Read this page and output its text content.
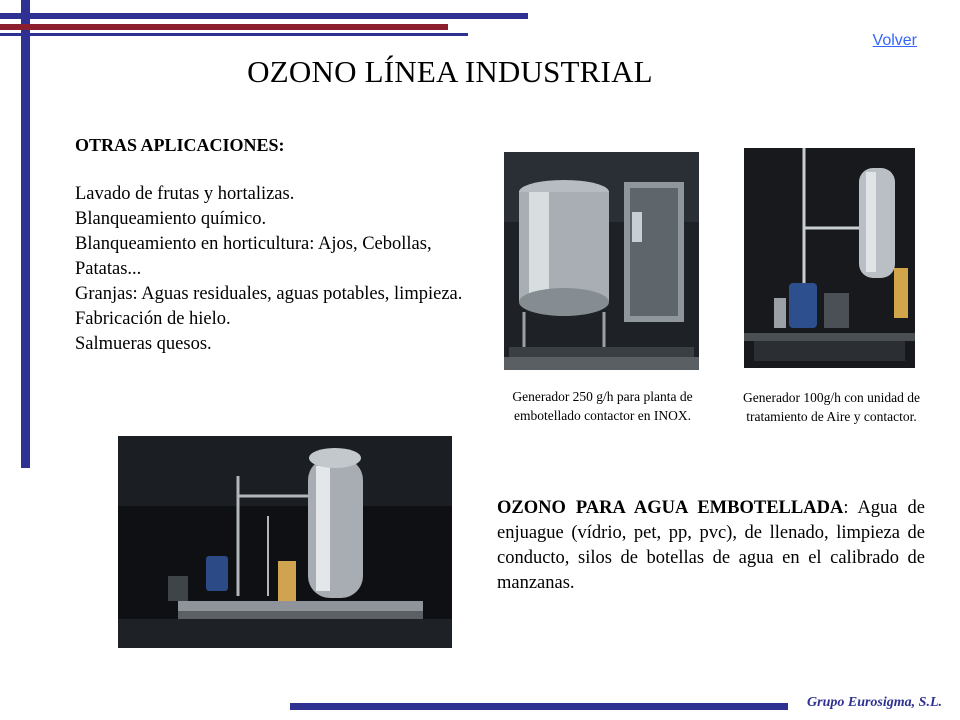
Volver
OZONO LÍNEA INDUSTRIAL
OTRAS APLICACIONES:

Lavado de frutas y hortalizas.

Blanqueamiento químico.

Blanqueamiento en horticultura: Ajos, Cebollas, Patatas...

Granjas: Aguas residuales, aguas potables, limpieza.

Fabricación de hielo.

Salmueras quesos.

Generador 250 g/h para planta de embotellado contactor en INOX.
Generador 100g/h con unidad de tratamiento de Aire y contactor.
OZONO PARA AGUA EMBOTELLADA: Agua de enjuague (vídrio, pet, pp, pvc), de llenado, limpieza de conducto, silos de botellas de agua en el calibrado de manzanas.
Grupo Eurosigma, S.L.
